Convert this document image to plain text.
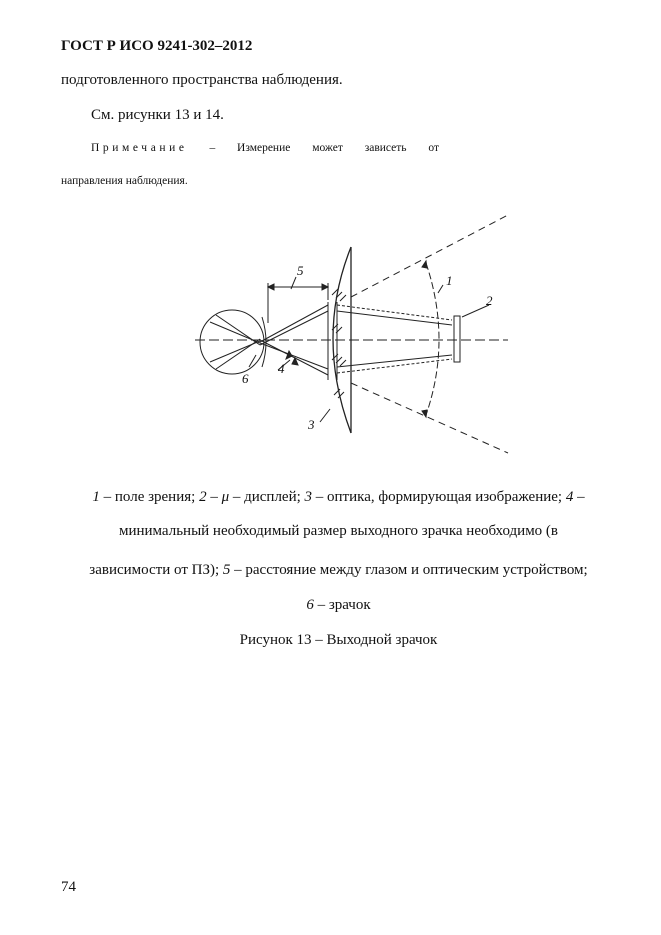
ГОСТ Р ИСО 9241-302–2012
подготовленного пространства наблюдения.
См. рисунки 13 и 14.
Примечание – Измерение может зависеть от
направления наблюдения.
1
2
3
4
5
6
1 – поле зрения; 2 – μ – дисплей; 3 – оптика, формирующая изображение; 4 –
минимальный необходимый размер выходного зрачка необходимо (в
зависимости от ПЗ); 5 – расстояние между глазом и оптическим устройством;
6 – зрачок
Рисунок 13 – Выходной зрачок
74
